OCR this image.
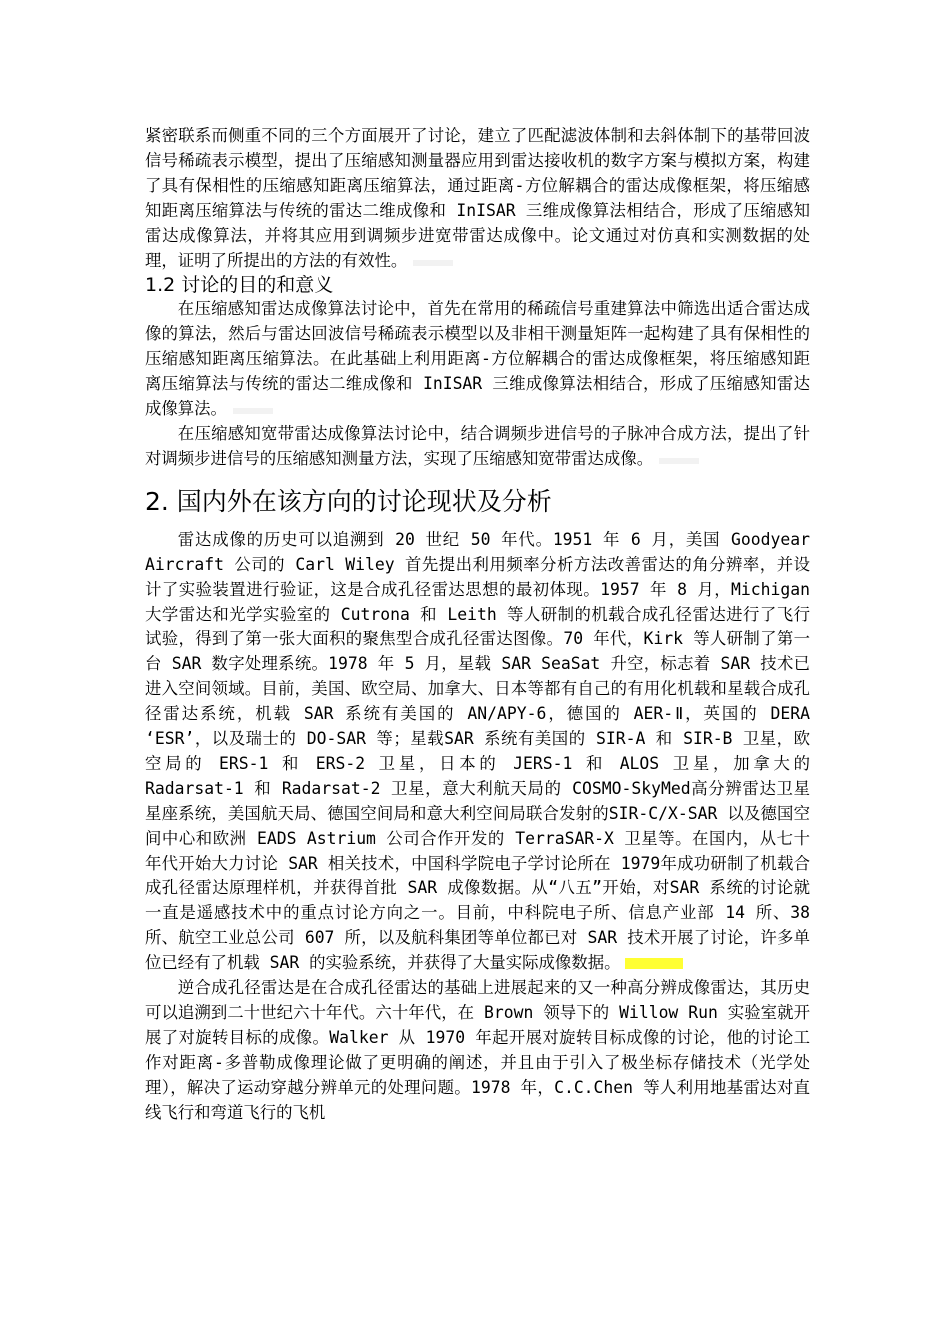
紧密联系而侧重不同的三个方面展开了讨论，建立了匹配滤波体制和去斜体制下的基带回波信号稀疏表示模型，提出了压缩感知测量器应用到雷达接收机的数字方案与模拟方案，构建了具有保相性的压缩感知距离压缩算法，通过距离-方位解耦合的雷达成像框架，将压缩感知距离压缩算法与传统的雷达二维成像和 InISAR 三维成像算法相结合，形成了压缩感知雷达成像算法，并将其应用到调频步进宽带雷达成像中。论文通过对仿真和实测数据的处理，证明了所提出的方法的有效性。

1.2 讨论的目的和意义

在压缩感知雷达成像算法讨论中，首先在常用的稀疏信号重建算法中筛选出适合雷达成像的算法，然后与雷达回波信号稀疏表示模型以及非相干测量矩阵一起构建了具有保相性的压缩感知距离压缩算法。在此基础上利用距离-方位解耦合的雷达成像框架，将压缩感知距离压缩算法与传统的雷达二维成像和 InISAR 三维成像算法相结合，形成了压缩感知雷达成像算法。

在压缩感知宽带雷达成像算法讨论中，结合调频步进信号的子脉冲合成方法，提出了针对调频步进信号的压缩感知测量方法，实现了压缩感知宽带雷达成像。

2. 国内外在该方向的讨论现状及分析

雷达成像的历史可以追溯到 20 世纪 50 年代。1951 年 6 月，美国 Goodyear Aircraft 公司的 Carl Wiley 首先提出利用频率分析方法改善雷达的角分辨率，并设计了实验装置进行验证，这是合成孔径雷达思想的最初体现。1957 年 8 月，Michigan 大学雷达和光学实验室的 Cutrona 和 Leith 等人研制的机载合成孔径雷达进行了飞行试验，得到了第一张大面积的聚焦型合成孔径雷达图像。70 年代，Kirk 等人研制了第一台 SAR 数字处理系统。1978 年 5 月，星载 SAR SeaSat 升空，标志着 SAR 技术已进入空间领域。目前，美国、欧空局、加拿大、日本等都有自己的有用化机载和星载合成孔径雷达系统，机载 SAR 系统有美国的 AN/APY-6，德国的 AER-Ⅱ，英国的 DERA ‘ESR’，以及瑞士的 DO-SAR 等；星载SAR 系统有美国的 SIR-A 和 SIR-B 卫星，欧空局的 ERS-1 和 ERS-2 卫星，日本的 JERS-1 和 ALOS 卫星，加拿大的 Radarsat-1 和 Radarsat-2 卫星，意大利航天局的 COSMO-SkyMed高分辨雷达卫星星座系统，美国航天局、德国空间局和意大利空间局联合发射的SIR-C/X-SAR 以及德国空间中心和欧洲 EADS Astrium 公司合作开发的 TerraSAR-X 卫星等。在国内，从七十年代开始大力讨论 SAR 相关技术，中国科学院电子学讨论所在 1979年成功研制了机载合成孔径雷达原理样机，并获得首批 SAR 成像数据。从“八五”开始，对SAR 系统的讨论就一直是遥感技术中的重点讨论方向之一。目前，中科院电子所、信息产业部 14 所、38 所、航空工业总公司 607 所，以及航科集团等单位都已对 SAR 技术开展了讨论，许多单位已经有了机载 SAR 的实验系统，并获得了大量实际成像数据。

逆合成孔径雷达是在合成孔径雷达的基础上进展起来的又一种高分辨成像雷达，其历史可以追溯到二十世纪六十年代。六十年代，在 Brown 领导下的 Willow Run 实验室就开展了对旋转目标的成像。Walker 从 1970 年起开展对旋转目标成像的讨论，他的讨论工作对距离-多普勒成像理论做了更明确的阐述，并且由于引入了极坐标存储技术（光学处理），解决了运动穿越分辨单元的处理问题。1978 年，C.C.Chen 等人利用地基雷达对直线飞行和弯道飞行的飞机
